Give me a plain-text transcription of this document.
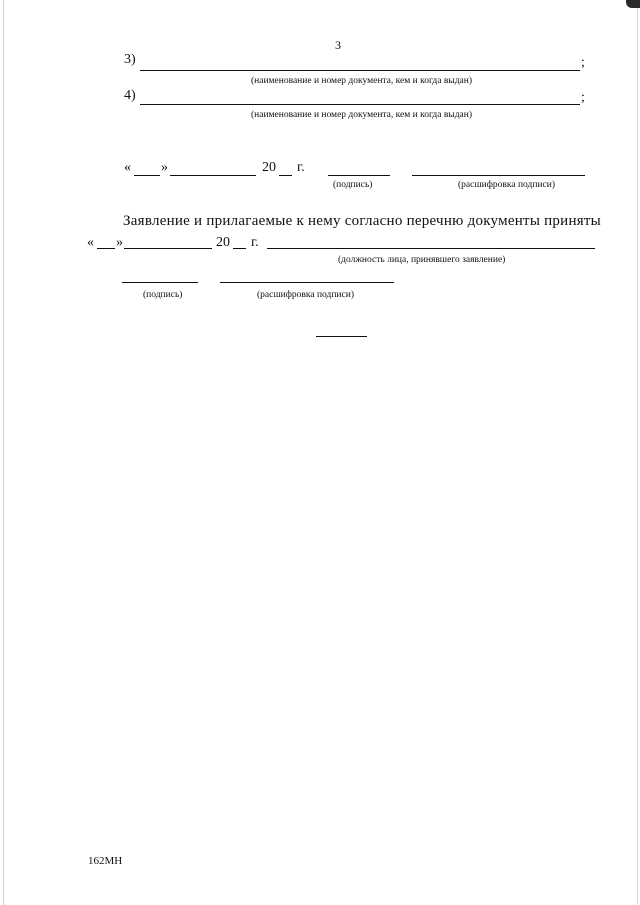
3
3)	;
(наименование и номер документа, кем и когда выдан)
4)	;
(наименование и номер документа, кем и когда выдан)
« »	20 г.
(подпись)	(расшифровка подписи)
Заявление и прилагаемые к нему согласно перечню документы приняты
« »	20 г.
(должность лица, принявшего заявление)
(подпись)	(расшифровка подписи)
162МН
